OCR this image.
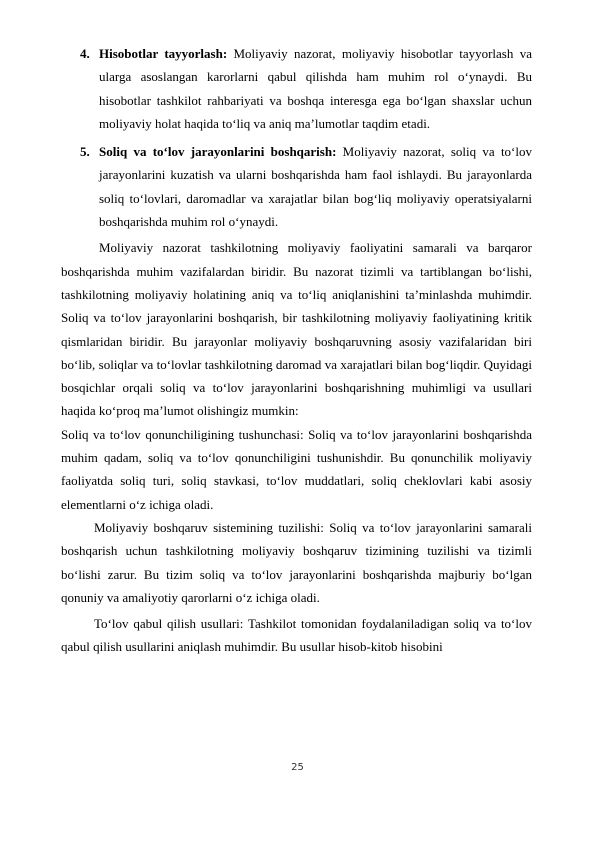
4. Hisobotlar tayyorlash: Moliyaviy nazorat, moliyaviy hisobotlar tayyorlash va ularga asoslangan karorlarni qabul qilishda ham muhim rol o‘ynaydi. Bu hisobotlar tashkilot rahbariyati va boshqa interesga ega bo‘lgan shaxslar uchun moliyaviy holat haqida to‘liq va aniq ma’lumotlar taqdim etadi.

5. Soliq va to‘lov jarayonlarini boshqarish: Moliyaviy nazorat, soliq va to‘lov jarayonlarini kuzatish va ularni boshqarishda ham faol ishlaydi. Bu jarayonlarda soliq to‘lovlari, daromadlar va xarajatlar bilan bog‘liq moliyaviy operatsiyalarni boshqarishda muhim rol o‘ynaydi.

Moliyaviy nazorat tashkilotning moliyaviy faoliyatini samarali va barqaror boshqarishda muhim vazifalardan biridir. Bu nazorat tizimli va tartiblangan bo‘lishi, tashkilotning moliyaviy holatining aniq va to‘liq aniqlanishini ta’minlashda muhimdir. Soliq va to‘lov jarayonlarini boshqarish, bir tashkilotning moliyaviy faoliyatining kritik qismlaridan biridir. Bu jarayonlar moliyaviy boshqaruvning asosiy vazifalaridan biri bo‘lib, soliqlar va to‘lovlar tashkilotning daromad va xarajatlari bilan bog‘liqdir. Quyidagi bosqichlar orqali soliq va to‘lov jarayonlarini boshqarishning muhimligi va usullari haqida ko‘proq ma’lumot olishingiz mumkin:

Soliq va to‘lov qonunchiligining tushunchasi: Soliq va to‘lov jarayonlarini boshqarishda muhim qadam, soliq va to‘lov qonunchiligini tushunishdir. Bu qonunchilik moliyaviy faoliyatda soliq turi, soliq stavkasi, to‘lov muddatlari, soliq cheklovlari kabi asosiy elementlarni o‘z ichiga oladi.

Moliyaviy boshqaruv sistemining tuzilishi: Soliq va to‘lov jarayonlarini samarali boshqarish uchun tashkilotning moliyaviy boshqaruv tizimining tuzilishi va tizimli bo‘lishi zarur. Bu tizim soliq va to‘lov jarayonlarini boshqarishda majburiy bo‘lgan qonuniy va amaliyotiy qarorlarni o‘z ichiga oladi.

To‘lov qabul qilish usullari: Tashkilot tomonidan foydalaniladigan soliq va to‘lov qabul qilish usullarini aniqlash muhimdir. Bu usullar hisob-kitob hisobini

25
